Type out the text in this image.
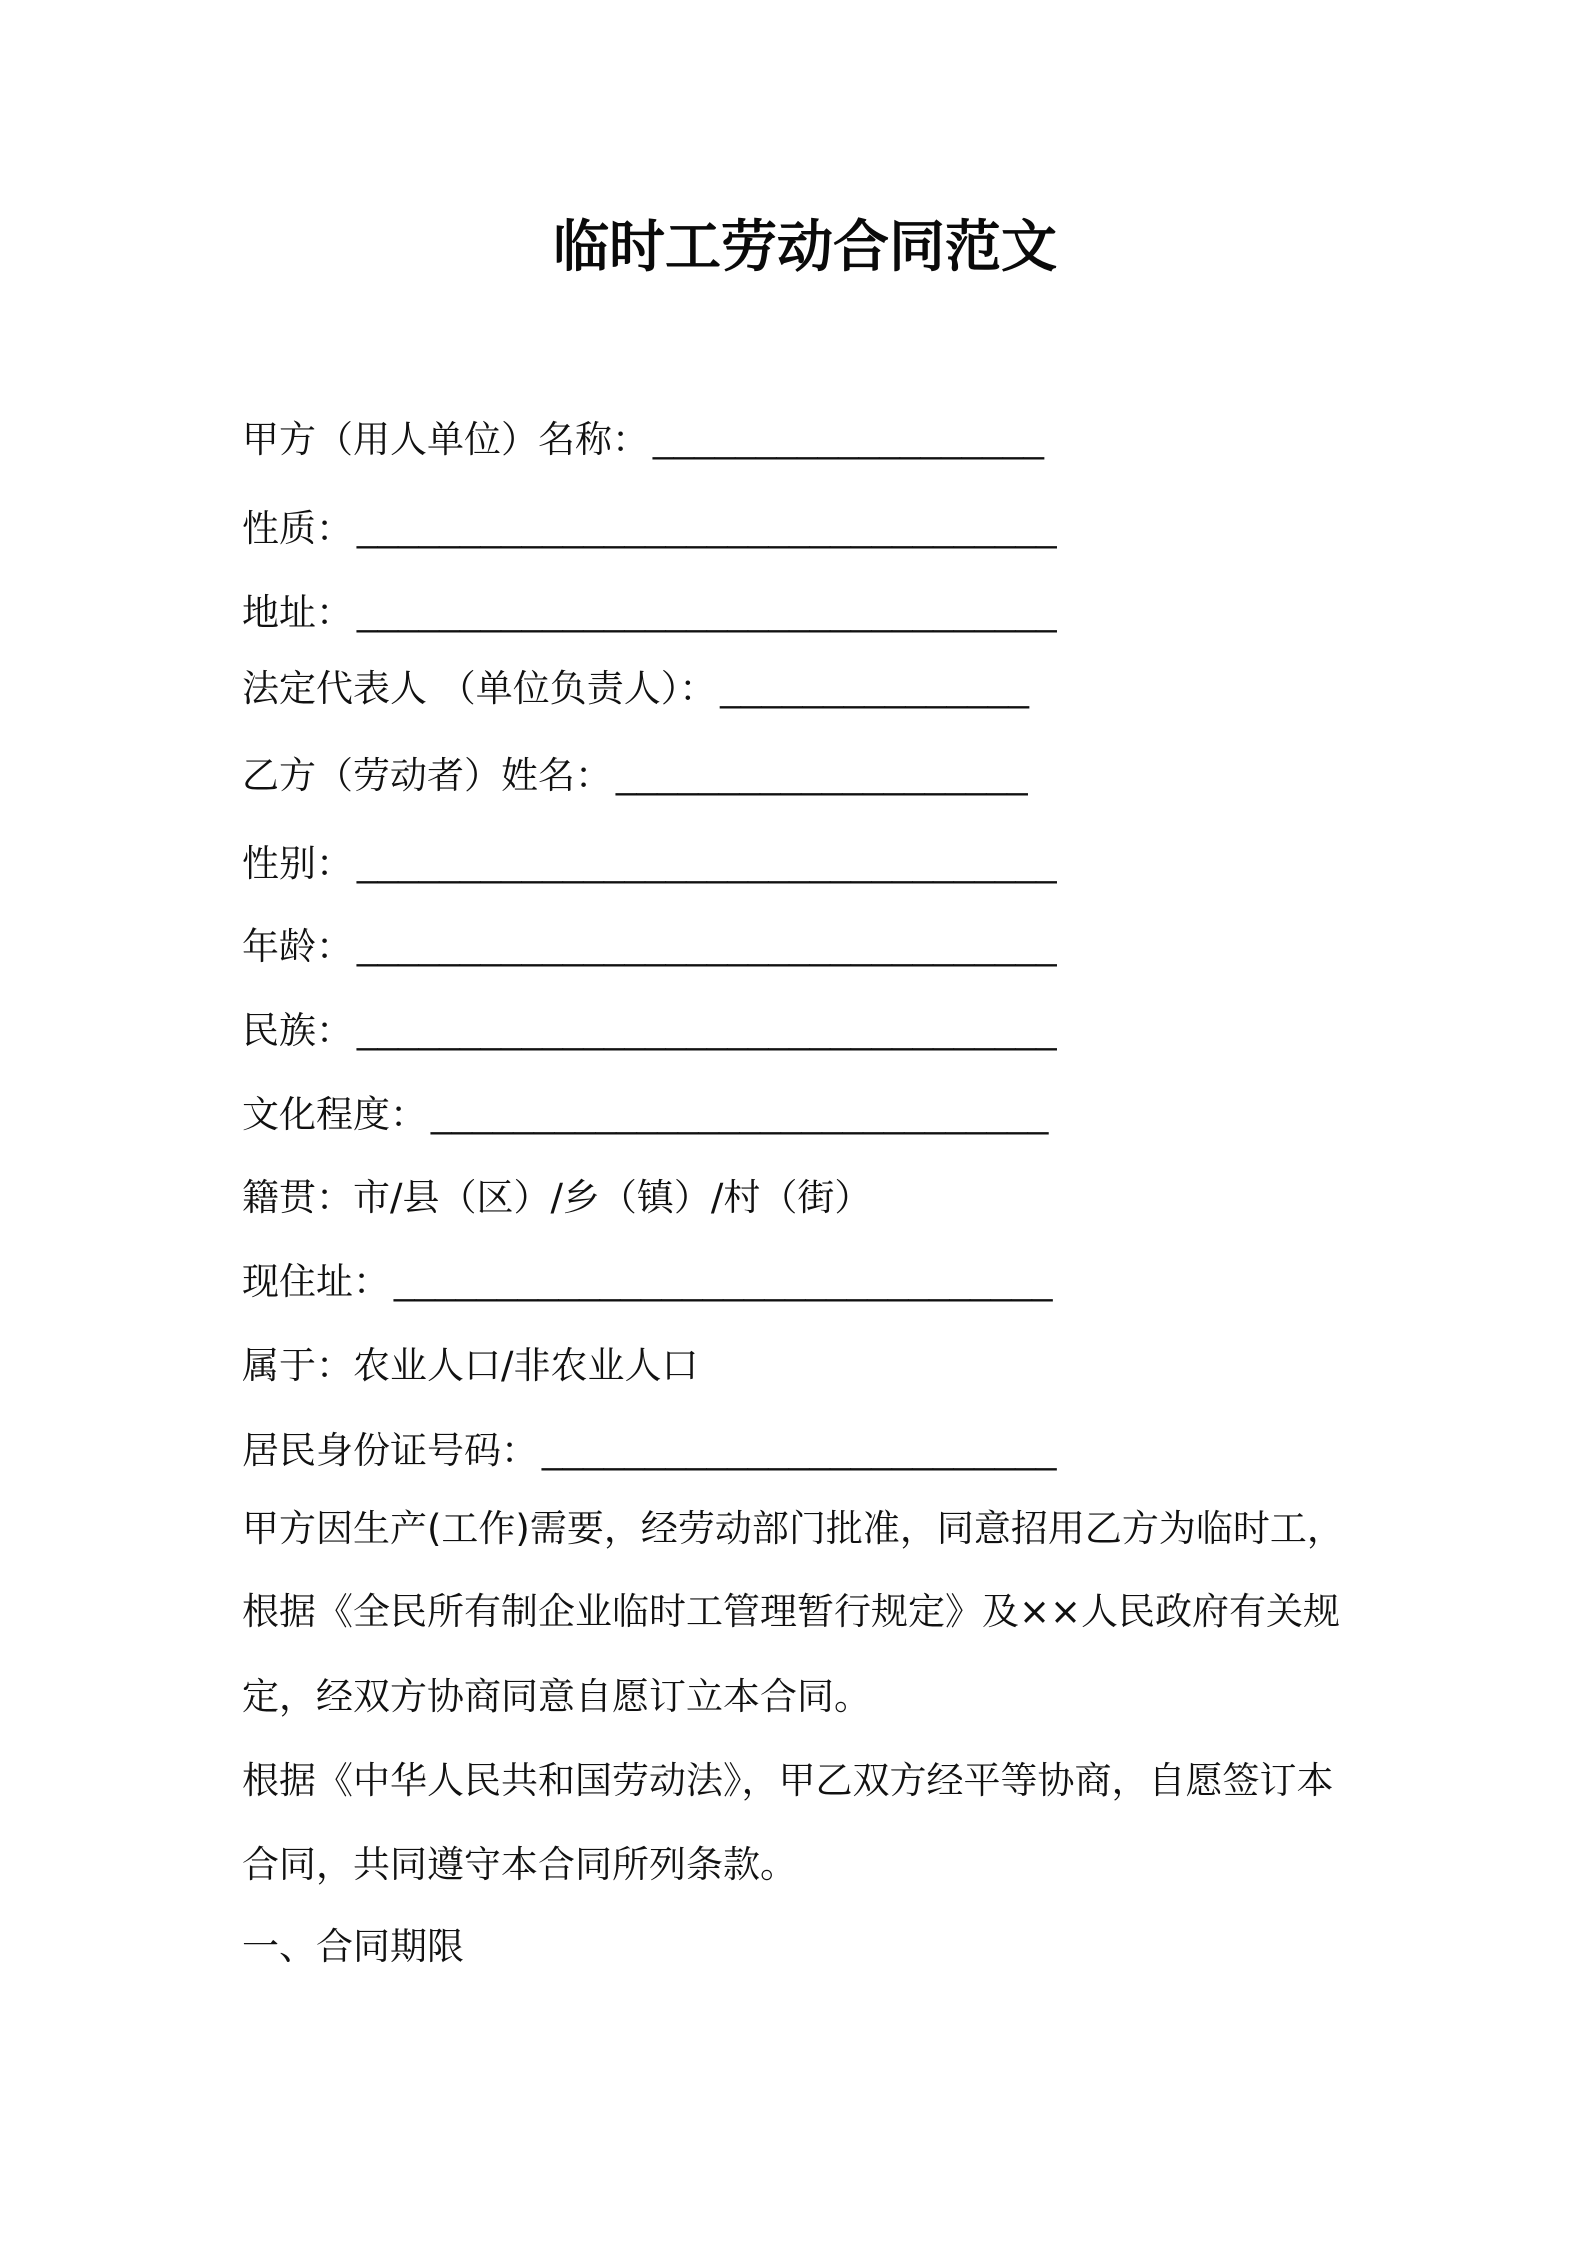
临时工劳动合同范文
甲方（用人单位）名称： ___________________
性质： __________________________________
地址： __________________________________
法定代表人 （单位负责人）： _______________
乙方（劳动者）姓名： ____________________
性别： __________________________________
年龄： __________________________________
民族： __________________________________
文化程度： ______________________________
籍贯：市/县（区）/乡（镇）/村（街）
现住址： ________________________________
属于：农业人口/非农业人口
居民身份证号码： _________________________
甲方因生产(工作)需要，经劳动部门批准，同意招用乙方为临时工，
根据《全民所有制企业临时工管理暂行规定》及××人民政府有关规
定，经双方协商同意自愿订立本合同。
根据《中华人民共和国劳动法》，甲乙双方经平等协商，自愿签订本
合同，共同遵守本合同所列条款。
一、合同期限
